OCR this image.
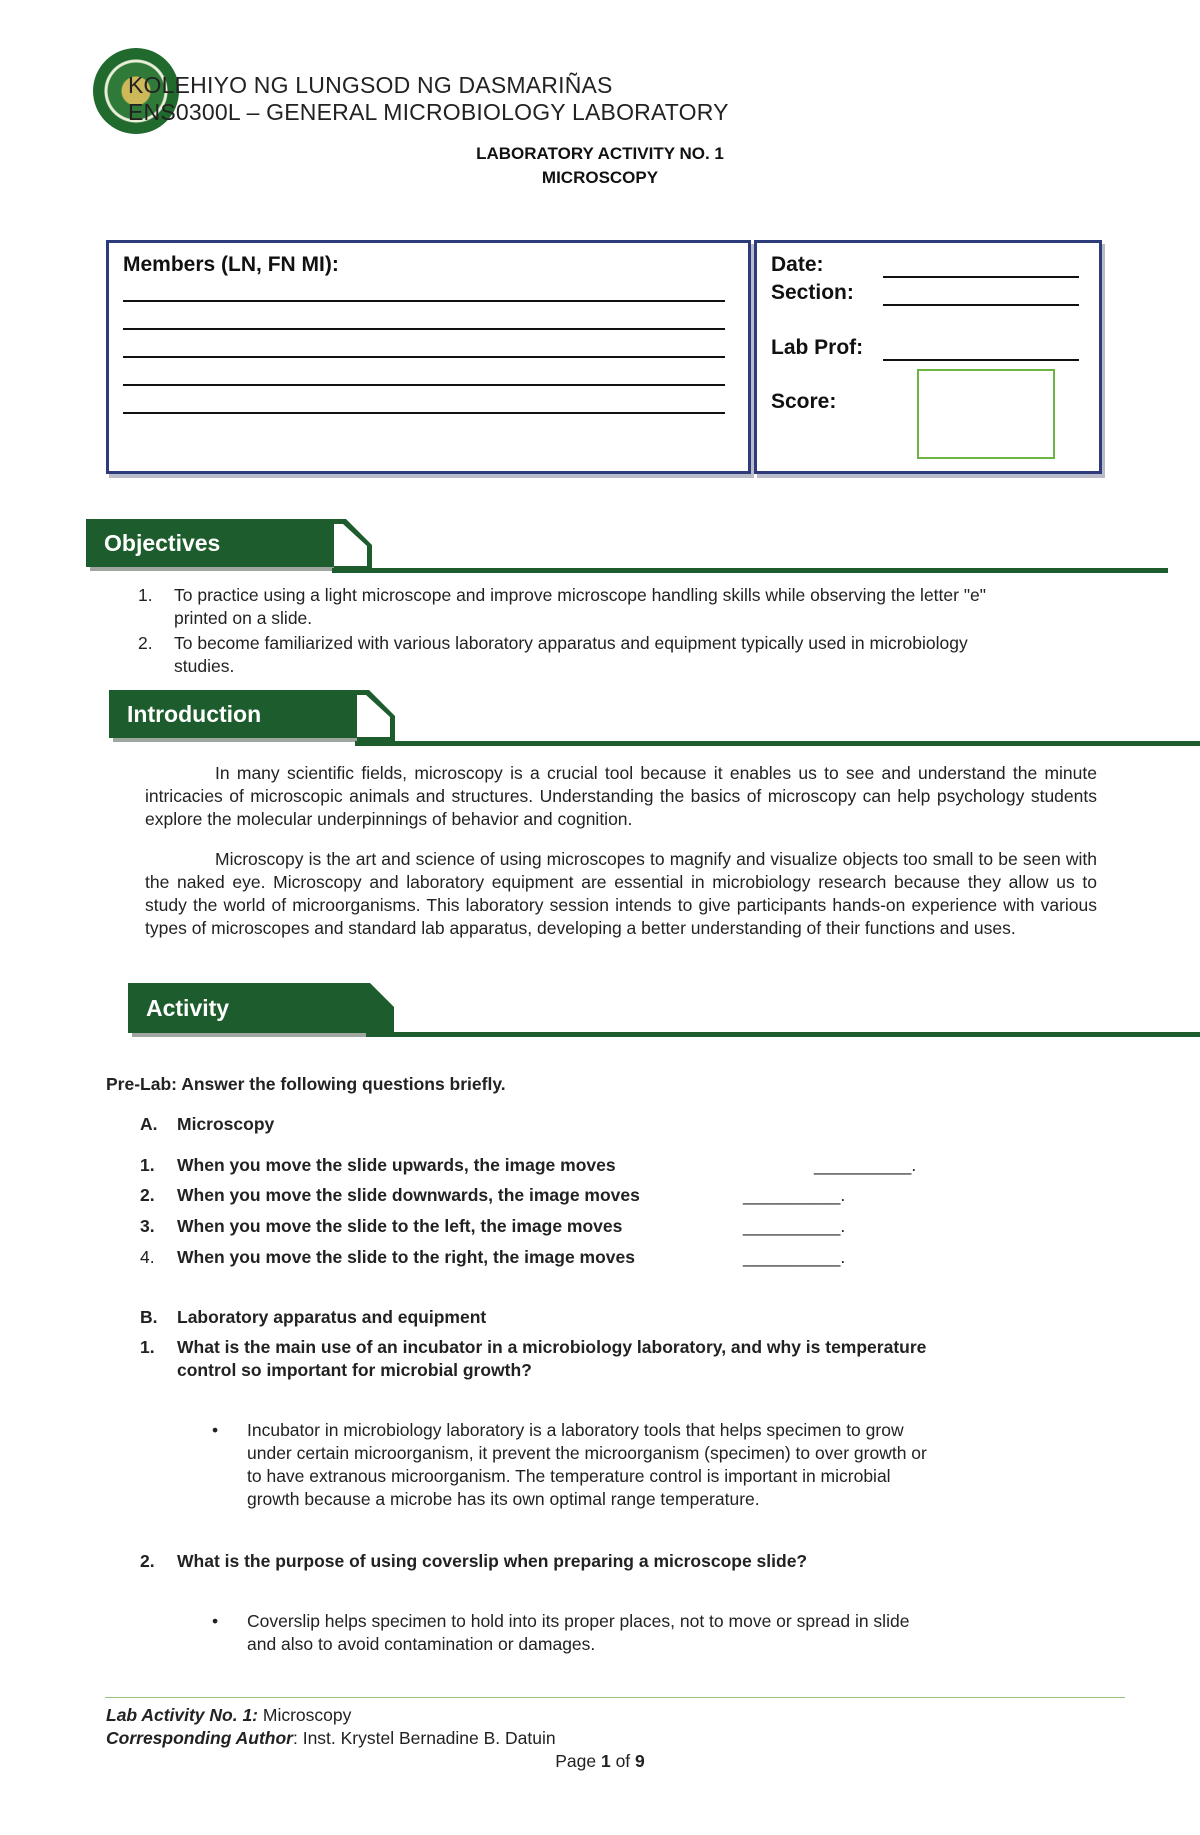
KOLEHIYO NG LUNGSOD NG DASMARIÑAS
ENS0300L – GENERAL MICROBIOLOGY LABORATORY
LABORATORY ACTIVITY NO. 1
MICROSCOPY
Members (LN, FN MI):	Date:
Section:
Lab Prof:
Score:
Objectives
1. To practice using a light microscope and improve microscope handling skills while observing the letter "e"
printed on a slide.
2. To become familiarized with various laboratory apparatus and equipment typically used in microbiology
studies.
Introduction
In many scientific fields, microscopy is a crucial tool because it enables us to see and understand the minute intricacies of microscopic animals and structures. Understanding the basics of microscopy can help psychology students explore the molecular underpinnings of behavior and cognition.
Microscopy is the art and science of using microscopes to magnify and visualize objects too small to be seen with the naked eye. Microscopy and laboratory equipment are essential in microbiology research because they allow us to study the world of microorganisms. This laboratory session intends to give participants hands-on experience with various types of microscopes and standard lab apparatus, developing a better understanding of their functions and uses.
Activity
Pre-Lab: Answer the following questions briefly.
A. Microscopy
1. When you move the slide upwards, the image moves	__________.
2. When you move the slide downwards, the image moves	__________.
3. When you move the slide to the left, the image moves	__________.
4. When you move the slide to the right, the image moves	__________.
B. Laboratory apparatus and equipment
1. What is the main use of an incubator in a microbiology laboratory, and why is temperature
control so important for microbial growth?
• Incubator in microbiology laboratory is a laboratory tools that helps specimen to grow
under certain microorganism, it prevent the microorganism (specimen) to over growth or
to have extranous microorganism. The temperature control is important in microbial
growth because a microbe has its own optimal range temperature.
2. What is the purpose of using coverslip when preparing a microscope slide?
• Coverslip helps specimen to hold into its proper places, not to move or spread in slide
and also to avoid contamination or damages.
Lab Activity No. 1: Microscopy
Corresponding Author: Inst. Krystel Bernadine B. Datuin
Page 1 of 9
